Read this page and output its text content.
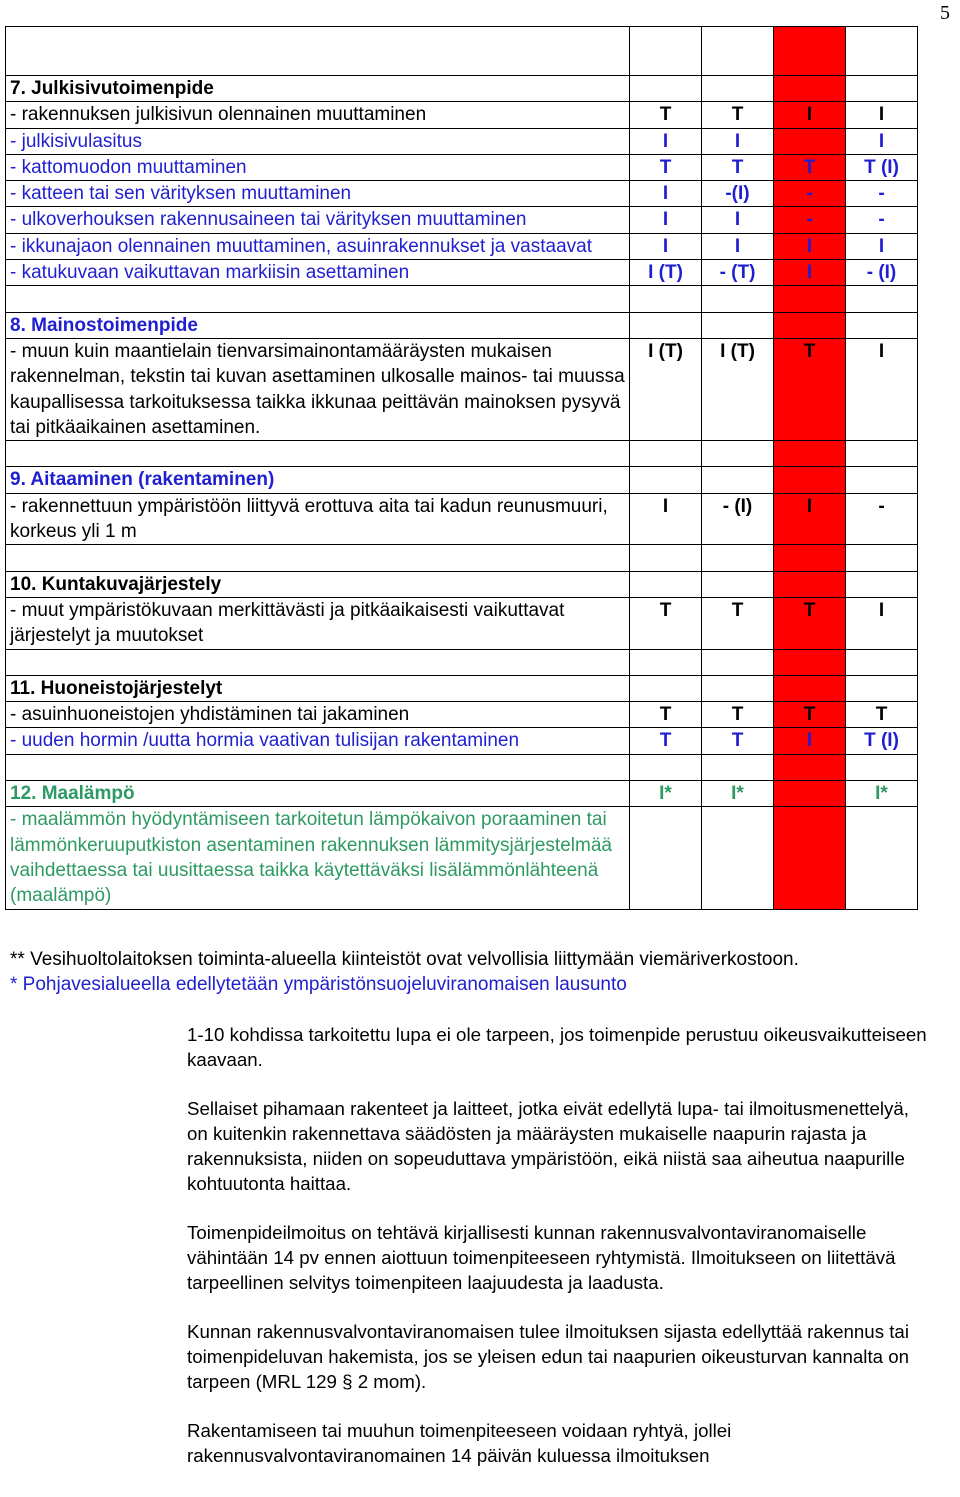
5

7. Julkisivutoimenpide				
- rakennuksen julkisivun olennainen muuttaminen	T	T	I	I
- julkisivulasitus	I	I		I
- kattomuodon muuttaminen	T	T	T	T (I)
- katteen tai sen värityksen muuttaminen	I	-(I)	-	-
- ulkoverhouksen rakennusaineen tai värityksen muuttaminen	I	I	-	-
- ikkunajaon olennainen muuttaminen, asuinrakennukset ja vastaavat	I	I	I	I
- katukuvaan vaikuttavan markiisin asettaminen	I (T)	- (T)	I	- (I)

8. Mainostoimenpide				
- muun kuin maantielain tienvarsimainontamääräysten mukaisen rakennelman, tekstin tai kuvan asettaminen ulkosalle mainos- tai muussa kaupallisessa tarkoituksessa taikka ikkunaa peittävän mainoksen pysyvä tai pitkäaikainen asettaminen.	I (T)	I (T)	T	I

9. Aitaaminen (rakentaminen)				
- rakennettuun ympäristöön liittyvä erottuva aita tai kadun reunusmuuri, korkeus yli 1 m	I	- (I)	I	-

10. Kuntakuvajärjestely				
- muut ympäristökuvaan merkittävästi ja pitkäaikaisesti vaikuttavat järjestelyt ja muutokset	T	T	T	I

11. Huoneistojärjestelyt				
- asuinhuoneistojen yhdistäminen tai jakaminen	T	T	T	T
- uuden hormin /uutta hormia vaativan tulisijan rakentaminen	T	T	I	T (I)

12. Maalämpö	I*	I*		I*
- maalämmön hyödyntämiseen tarkoitetun lämpökaivon poraaminen tai lämmönkeruuputkiston asentaminen rakennuksen lämmitysjärjestelmää vaihdettaessa tai uusittaessa taikka käytettäväksi lisälämmönlähteenä (maalämpö)				

** Vesihuoltolaitoksen toiminta-alueella kiinteistöt ovat velvollisia liittymään viemäriverkostoon.

* Pohjavesialueella edellytetään ympäristönsuojeluviranomaisen lausunto

1-10 kohdissa tarkoitettu lupa ei ole tarpeen, jos toimenpide perustuu oikeusvaikutteiseen kaavaan.

Sellaiset pihamaan rakenteet ja laitteet, jotka eivät edellytä lupa- tai ilmoitusmenettelyä, on kuitenkin rakennettava säädösten ja määräysten mukaiselle naapurin rajasta ja rakennuksista, niiden on sopeuduttava ympäristöön, eikä niistä saa aiheutua naapurille kohtuutonta haittaa.

Toimenpideilmoitus on tehtävä kirjallisesti kunnan rakennusvalvontaviranomaiselle vähintään 14 pv ennen aiottuun toimenpiteeseen ryhtymistä. Ilmoitukseen on liitettävä tarpeellinen selvitys toimenpiteen laajuudesta ja laadusta.

Kunnan rakennusvalvontaviranomaisen tulee ilmoituksen sijasta edellyttää rakennus tai toimenpideluvan hakemista, jos se yleisen edun tai naapurien oikeusturvan kannalta on tarpeen (MRL 129 § 2 mom).

Rakentamiseen tai muuhun toimenpiteeseen voidaan ryhtyä, jollei rakennusvalvontaviranomainen 14 päivän kuluessa ilmoituksen
